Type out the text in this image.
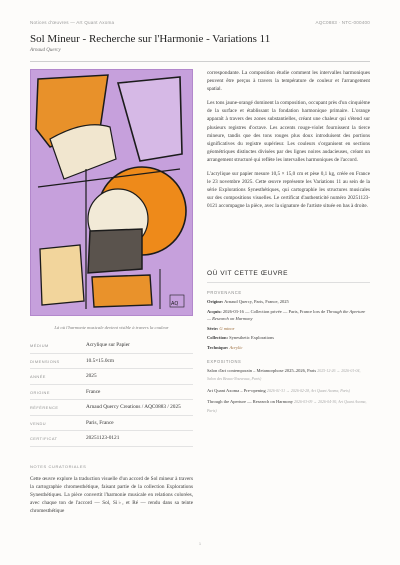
Notices d'œuvres — Art Quant Axoma	AQC0883 · NTC-000400
Sol Mineur - Recherche sur l'Harmonie - Variations 11
Arnaud Quercy
AQ
Là où l'harmonie musicale devient visible à travers la couleur
MÉDIUM	Acrylique sur Papier
DIMENSIONS	10.5×15.0cm
ANNÉE	2025
ORIGINE	France
RÉFÉRENCE	Arnaud Quercy Creations / AQC0883 / 2025
VENDU	Paris, France
CERTIFICAT	20251123-0121
NOTES CURATORIALES
Cette œuvre explore la traduction visuelle d'un accord de Sol mineur à travers la cartographie chromesthétique, faisant partie de la collection Explorations Synesthétiques. La pièce convertit l'harmonie musicale en relations colorées, avec chaque ton de l'accord — Sol, Si♭, et Ré — rendu dans sa teinte chromesthétique

correspondante. La composition étudie comment les intervalles harmoniques peuvent être perçus à travers la température de couleur et l'arrangement spatial.

Les tons jaune-orangé dominent la composition, occupant près d'un cinquième de la surface et établissant la fondation harmonique primaire. L'orange apparaît à travers des zones substantielles, créant une chaleur qui s'étend sur plusieurs registres d'octave. Les accents rouge-violet fournissent la tierce mineure, tandis que des tons rouges plus doux introduisent des portions significatives du registre supérieur. Les couleurs s'organisent en sections géométriques distinctes divisées par des lignes noires audacieuses, créant un arrangement structuré qui reflète les intervalles harmoniques de l'accord.

L'acrylique sur papier mesure 10,5 × 15,0 cm et pèse 0,1 kg, créée en France le 23 novembre 2025. Cette œuvre représente les Variations 11 au sein de la série Explorations Synesthétiques, qui cartographie les structures musicales sur des compositions visuelles. Le certificat d'authenticité numéro 20251123-0121 accompagne la pièce, avec la signature de l'artiste située en bas à droite.

OÙ VIT CETTE ŒUVRE
PROVENANCE
Origine: Arnaud Quercy, Paris, France, 2025
Acquis: 2026-03-16 — Collection privée — Paris, France lors de Through the Aperture — Research on Harmony
Série: G minor
Collection: Synesthetic Explorations
Technique: Acrylic
EXPOSITIONS
Salon d'art contemporain – Metamorphose 2025–2026, Paris 2025-12-26 → 2026-01-04, Salon des Beaux-Nouveaux, Paris)
Art Quant Axoma – Pre-opening 2026-01-31 → 2026-02-28, Art Quant Axoma, Paris)
Through the Aperture — Research on Harmony 2026-03-09 → 2026-04-30, Art Quant Axoma, Paris)
1
